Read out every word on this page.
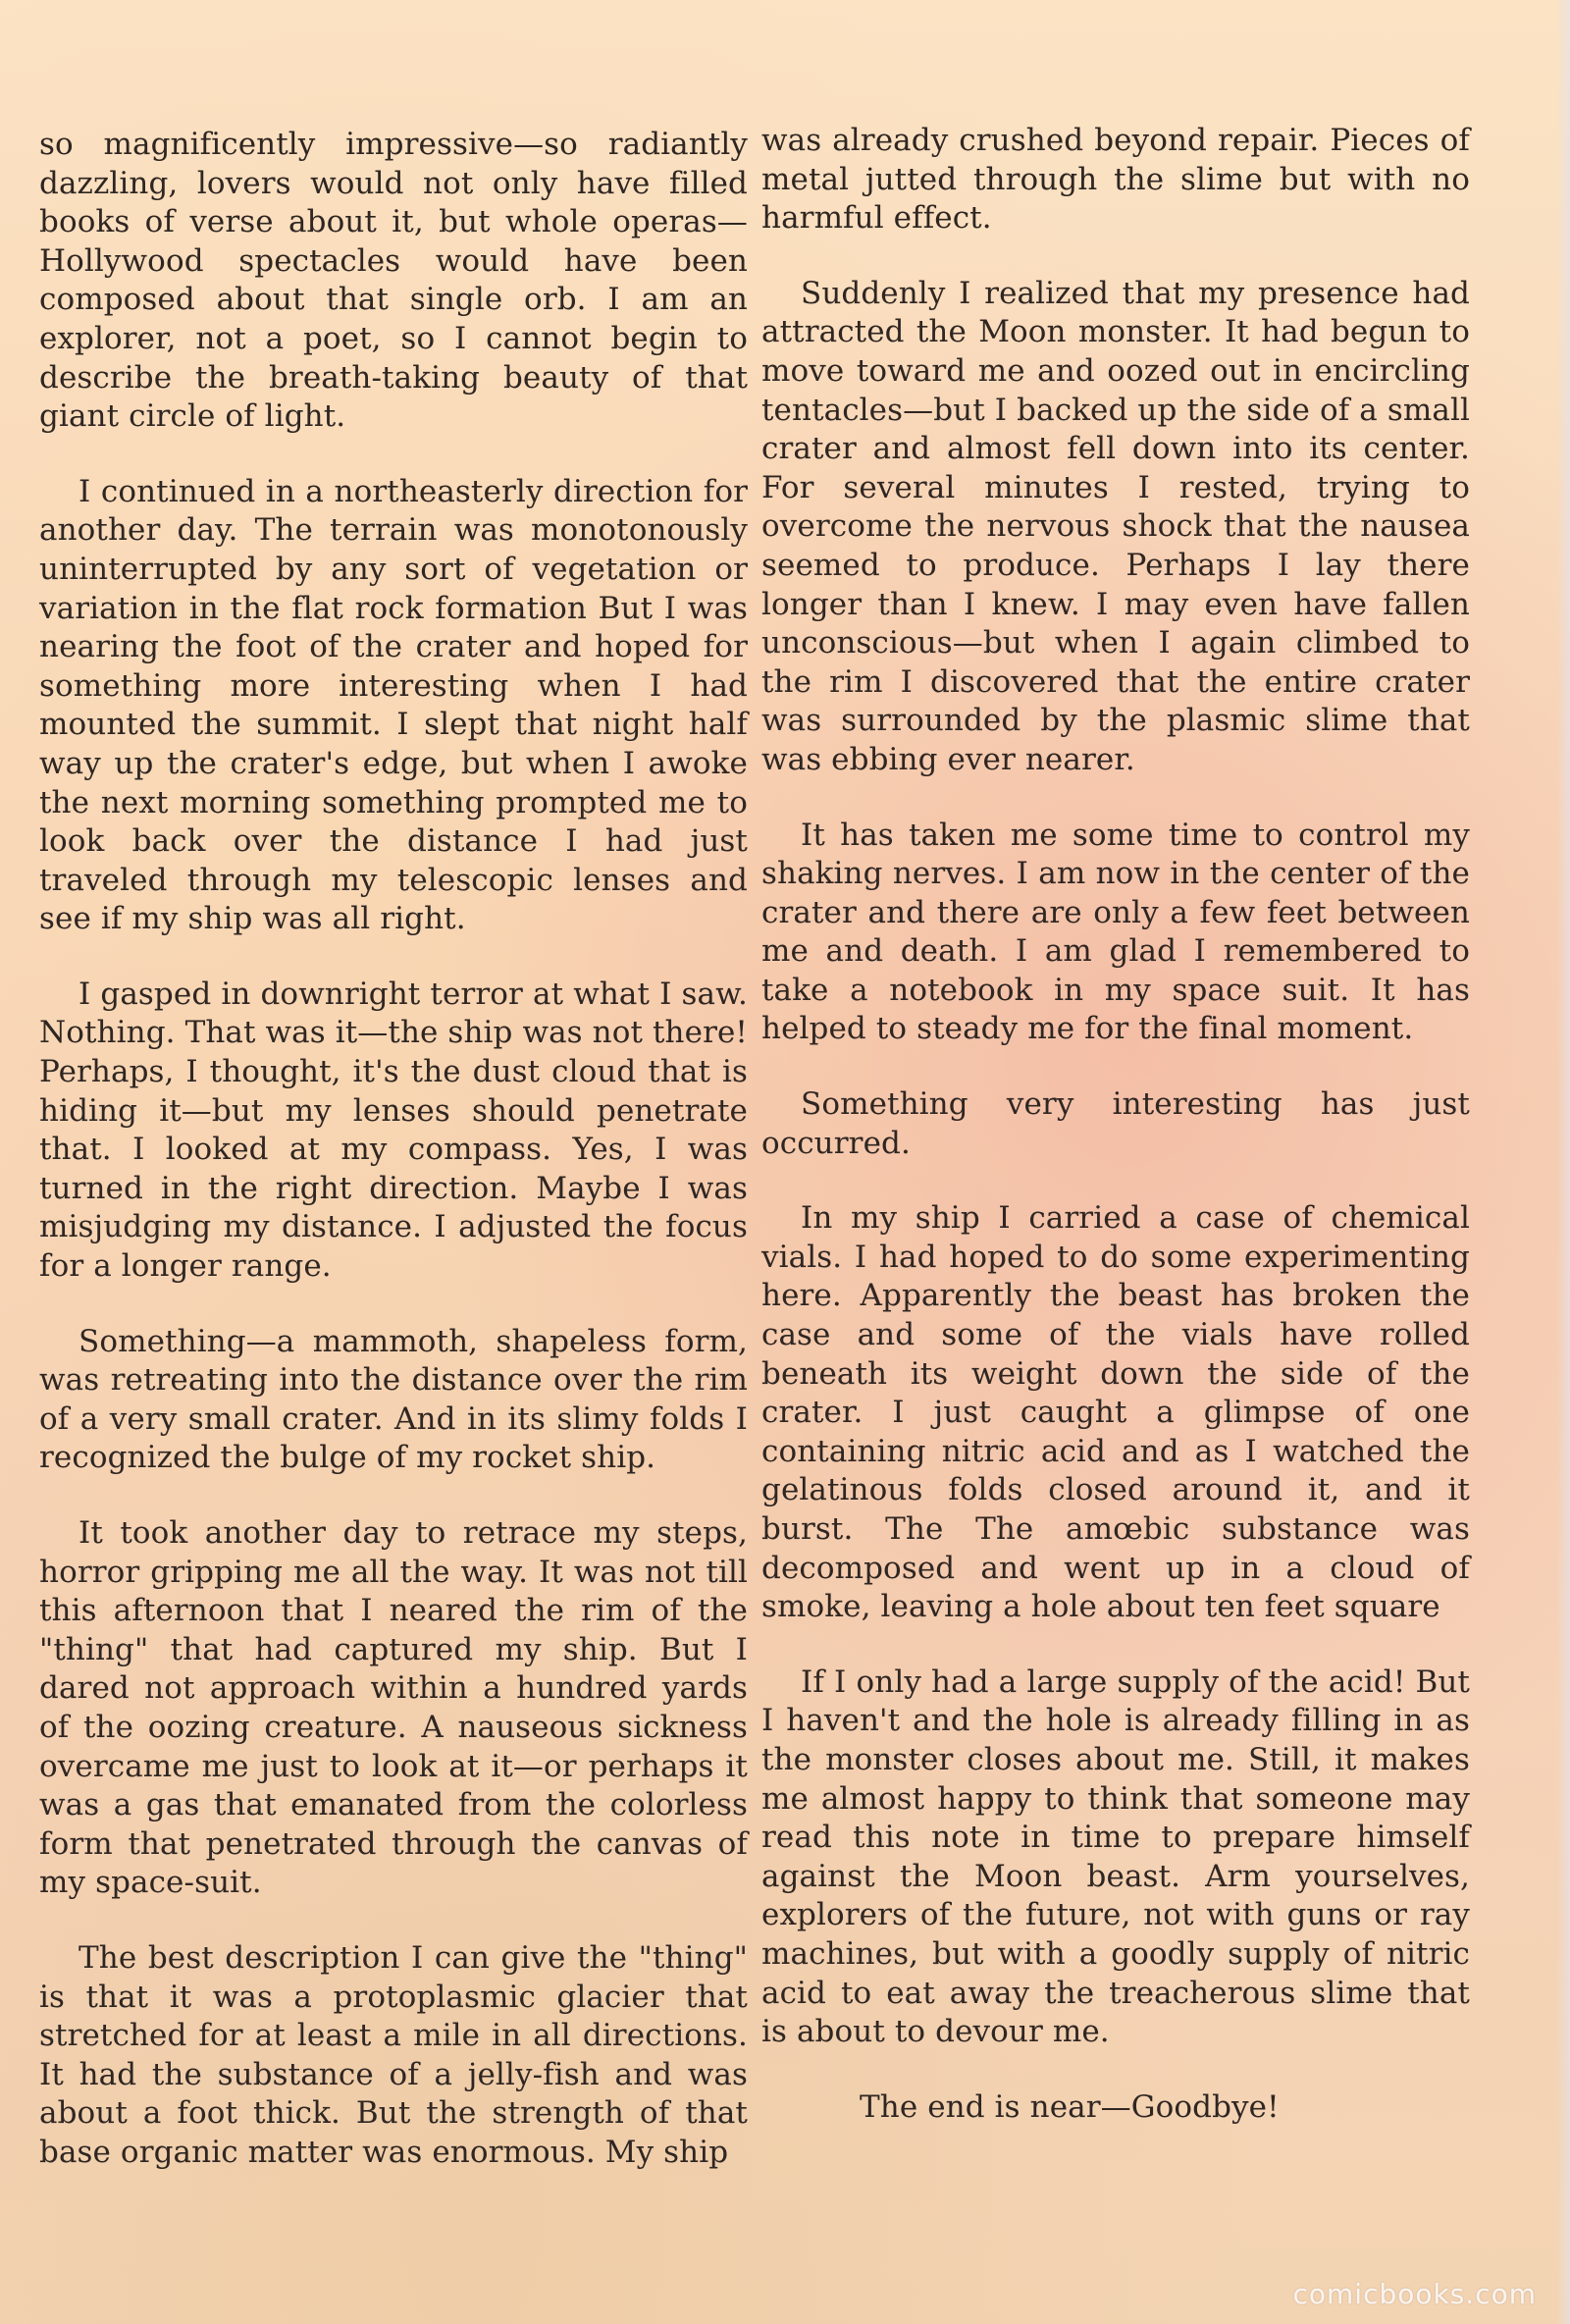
so magnificently impressive—so radiantly dazzling, lovers would not only have filled books of verse about it, but whole operas—Hollywood spectacles would have been composed about that single orb. I am an explorer, not a poet, so I cannot begin to describe the breath-taking beauty of that giant circle of light.

I continued in a northeasterly direction for another day. The terrain was monotonously uninterrupted by any sort of vegetation or variation in the flat rock formation But I was nearing the foot of the crater and hoped for something more interesting when I had mounted the summit. I slept that night half way up the crater's edge, but when I awoke the next morning something prompted me to look back over the distance I had just traveled through my telescopic lenses and see if my ship was all right.

I gasped in downright terror at what I saw. Nothing. That was it—the ship was not there! Perhaps, I thought, it's the dust cloud that is hiding it—but my lenses should penetrate that. I looked at my compass. Yes, I was turned in the right direction. Maybe I was misjudging my distance. I adjusted the focus for a longer range.

Something—a mammoth, shapeless form, was retreating into the distance over the rim of a very small crater. And in its slimy folds I recognized the bulge of my rocket ship.

It took another day to retrace my steps, horror gripping me all the way. It was not till this afternoon that I neared the rim of the "thing" that had captured my ship. But I dared not approach within a hundred yards of the oozing creature. A nauseous sickness overcame me just to look at it—or perhaps it was a gas that emanated from the colorless form that penetrated through the canvas of my space-suit.

The best description I can give the "thing" is that it was a protoplasmic glacier that stretched for at least a mile in all directions. It had the substance of a jelly-fish and was about a foot thick. But the strength of that base organic matter was enormous. My ship

was already crushed beyond repair. Pieces of metal jutted through the slime but with no harmful effect.

Suddenly I realized that my presence had attracted the Moon monster. It had begun to move toward me and oozed out in encircling tentacles—but I backed up the side of a small crater and almost fell down into its center. For several minutes I rested, trying to overcome the nervous shock that the nausea seemed to produce. Perhaps I lay there longer than I knew. I may even have fallen unconscious—but when I again climbed to the rim I discovered that the entire crater was surrounded by the plasmic slime that was ebbing ever nearer.

It has taken me some time to control my shaking nerves. I am now in the center of the crater and there are only a few feet between me and death. I am glad I remembered to take a notebook in my space suit. It has helped to steady me for the final moment.

Something very interesting has just occurred.

In my ship I carried a case of chemical vials. I had hoped to do some experimenting here. Apparently the beast has broken the case and some of the vials have rolled beneath its weight down the side of the crater. I just caught a glimpse of one containing nitric acid and as I watched the gelatinous folds closed around it, and it burst. The The amœbic substance was decomposed and went up in a cloud of smoke, leaving a hole about ten feet square

If I only had a large supply of the acid! But I haven't and the hole is already filling in as the monster closes about me. Still, it makes me almost happy to think that someone may read this note in time to prepare himself against the Moon beast. Arm yourselves, explorers of the future, not with guns or ray machines, but with a goodly supply of nitric acid to eat away the treacherous slime that is about to devour me.

The end is near—Goodbye!

comicbooks.com
